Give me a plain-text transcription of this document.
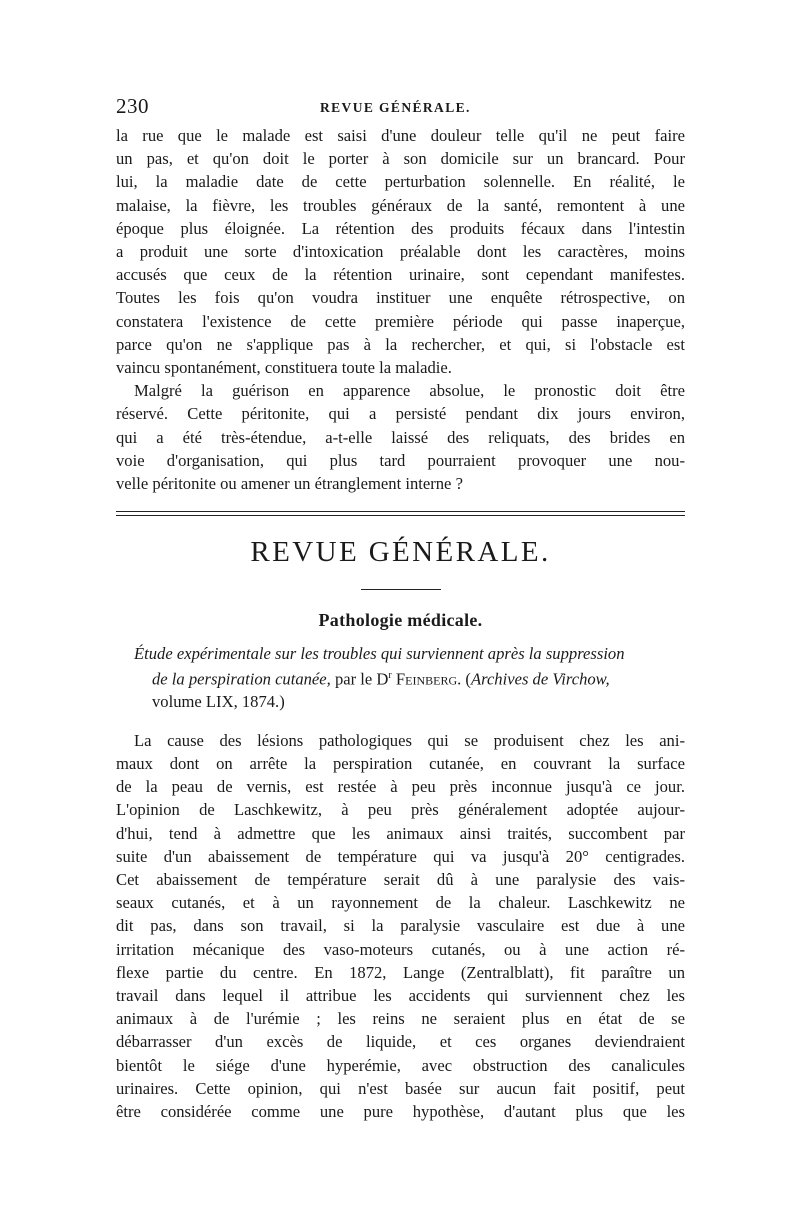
230	REVUE GÉNÉRALE.
la rue que le malade est saisi d'une douleur telle qu'il ne peut faire
un pas, et qu'on doit le porter à son domicile sur un brancard. Pour
lui, la maladie date de cette perturbation solennelle. En réalité, le
malaise, la fièvre, les troubles généraux de la santé, remontent à une
époque plus éloignée. La rétention des produits fécaux dans l'intestin
a produit une sorte d'intoxication préalable dont les caractères, moins
accusés que ceux de la rétention urinaire, sont cependant manifestes.
Toutes les fois qu'on voudra instituer une enquête rétrospective, on
constatera l'existence de cette première période qui passe inaperçue,
parce qu'on ne s'applique pas à la rechercher, et qui, si l'obstacle est
vaincu spontanément, constituera toute la maladie.
Malgré la guérison en apparence absolue, le pronostic doit être
réservé. Cette péritonite, qui a persisté pendant dix jours environ,
qui a été très-étendue, a-t-elle laissé des reliquats, des brides en
voie d'organisation, qui plus tard pourraient provoquer une nou-
velle péritonite ou amener un étranglement interne ?
REVUE GÉNÉRALE.
Pathologie médicale.
Étude expérimentale sur les troubles qui surviennent après la suppression
de la perspiration cutanée, par le $D^r$ Feinberg. (Archives de Virchow,
volume LIX, 1874.)
La cause des lésions pathologiques qui se produisent chez les ani-
maux dont on arrête la perspiration cutanée, en couvrant la surface
de la peau de vernis, est restée à peu près inconnue jusqu'à ce jour.
L'opinion de Laschkewitz, à peu près généralement adoptée aujour-
d'hui, tend à admettre que les animaux ainsi traités, succombent par
suite d'un abaissement de température qui va jusqu'à 20° centigrades.
Cet abaissement de température serait dû à une paralysie des vais-
seaux cutanés, et à un rayonnement de la chaleur. Laschkewitz ne
dit pas, dans son travail, si la paralysie vasculaire est due à une
irritation mécanique des vaso-moteurs cutanés, ou à une action ré-
flexe partie du centre. En 1872, Lange (Zentralblatt), fit paraître un
travail dans lequel il attribue les accidents qui surviennent chez les
animaux à de l'urémie ; les reins ne seraient plus en état de se
débarrasser d'un excès de liquide, et ces organes deviendraient
bientôt le siége d'une hyperémie, avec obstruction des canalicules
urinaires. Cette opinion, qui n'est basée sur aucun fait positif, peut
être considérée comme une pure hypothèse, d'autant plus que les
